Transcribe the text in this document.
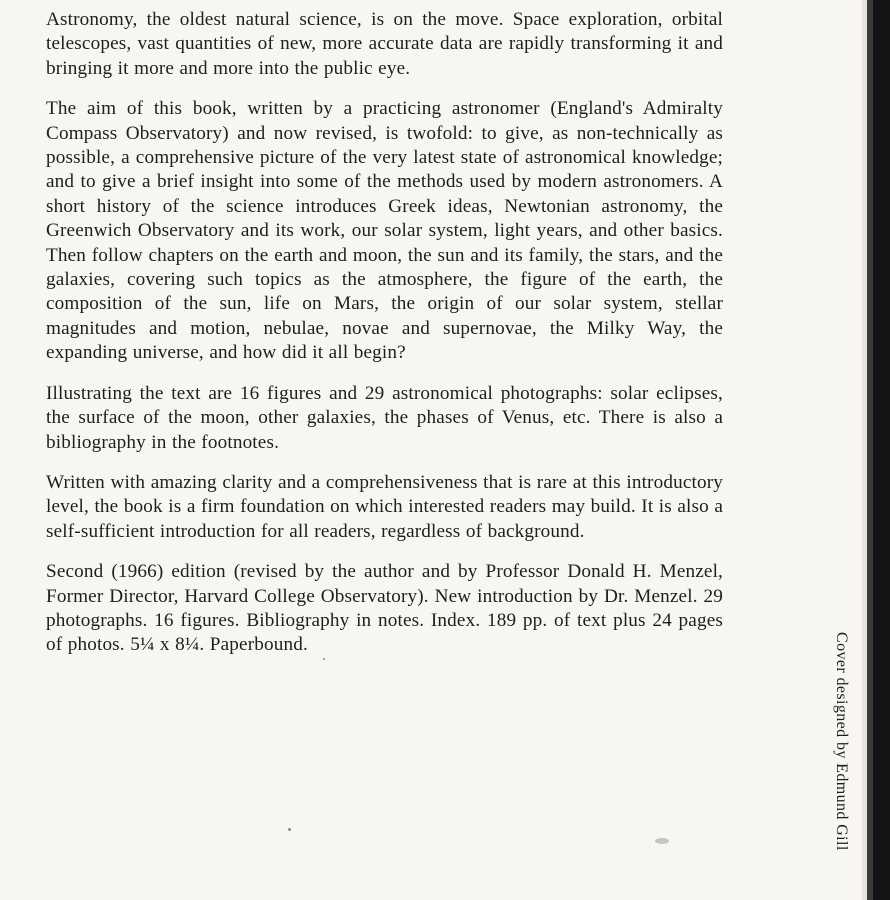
Astronomy, the oldest natural science, is on the move. Space exploration, orbital telescopes, vast quantities of new, more accurate data are rapidly transforming it and bringing it more and more into the public eye.

The aim of this book, written by a practicing astronomer (England's Admiralty Compass Observatory) and now revised, is twofold: to give, as non-technically as possible, a comprehensive picture of the very latest state of astronomical knowledge; and to give a brief insight into some of the methods used by modern astronomers. A short history of the science introduces Greek ideas, Newtonian astronomy, the Greenwich Observatory and its work, our solar system, light years, and other basics. Then follow chapters on the earth and moon, the sun and its family, the stars, and the galaxies, covering such topics as the atmosphere, the figure of the earth, the composition of the sun, life on Mars, the origin of our solar system, stellar magnitudes and motion, nebulae, novae and supernovae, the Milky Way, the expanding universe, and how did it all begin?

Illustrating the text are 16 figures and 29 astronomical photographs: solar eclipses, the surface of the moon, other galaxies, the phases of Venus, etc. There is also a bibliography in the footnotes.

Written with amazing clarity and a comprehensiveness that is rare at this introductory level, the book is a firm foundation on which interested readers may build. It is also a self-sufficient introduction for all readers, regardless of background.

Second (1966) edition (revised by the author and by Professor Donald H. Menzel, Former Director, Harvard College Observatory). New introduction by Dr. Menzel. 29 photographs. 16 figures. Bibliography in notes. Index. 189 pp. of text plus 24 pages of photos. 5¼ x 8¼. Paperbound.	Cover designed by Edmund Gill
